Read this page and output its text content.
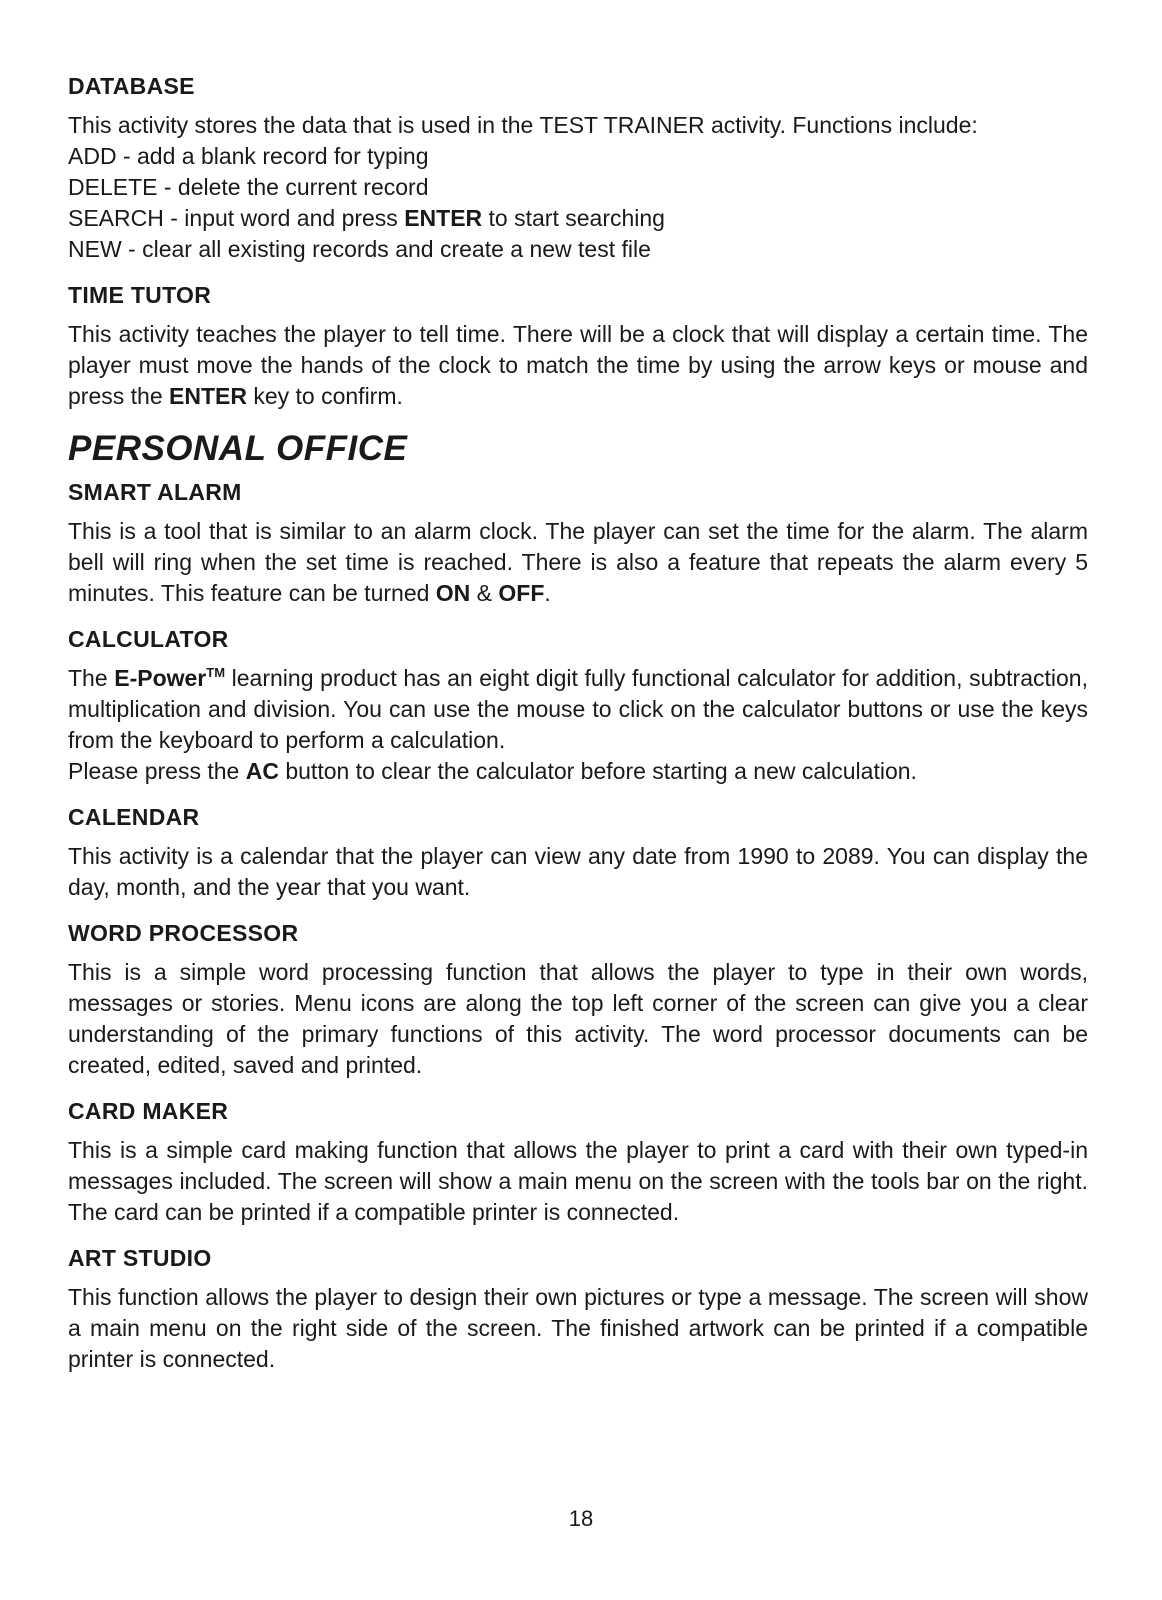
DATABASE
This activity stores the data that is used in the TEST TRAINER activity. Functions include:
ADD - add a blank record for typing
DELETE - delete the current record
SEARCH - input word and press ENTER to start searching
NEW - clear all existing records and create a new test file
TIME TUTOR

This activity teaches the player to tell time. There will be a clock that will display a certain time. The player must move the hands of the clock to match the time by using the arrow keys or mouse and press the ENTER key to confirm.

PERSONAL OFFICE
SMART ALARM

This is a tool that is similar to an alarm clock. The player can set the time for the alarm. The alarm bell will ring when the set time is reached. There is also a feature that repeats the alarm every 5 minutes. This feature can be turned ON & OFF.

CALCULATOR
The E-Power™ learning product has an eight digit fully functional calculator for addition, subtraction, multiplication and division. You can use the mouse to click on the calculator buttons or use the keys from the keyboard to perform a calculation.
Please press the AC button to clear the calculator before starting a new calculation.
CALENDAR

This activity is a calendar that the player can view any date from 1990 to 2089. You can display the day, month, and the year that you want.

WORD PROCESSOR

This is a simple word processing function that allows the player to type in their own words, messages or stories. Menu icons are along the top left corner of the screen can give you a clear understanding of the primary functions of this activity. The word processor documents can be created, edited, saved and printed.

CARD MAKER

This is a simple card making function that allows the player to print a card with their own typed-in messages included. The screen will show a main menu on the screen with the tools bar on the right. The card can be printed if a compatible printer is connected.

ART STUDIO

This function allows the player to design their own pictures or type a message. The screen will show a main menu on the right side of the screen. The finished artwork can be printed if a compatible printer is connected.

18
